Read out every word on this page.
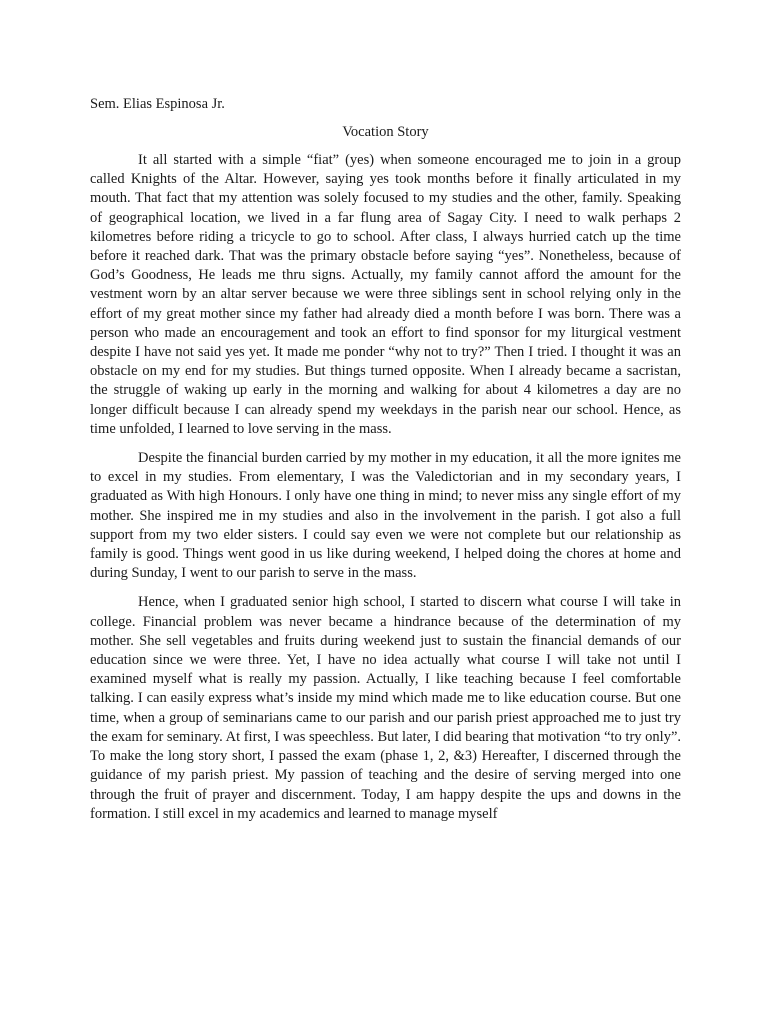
Sem. Elias Espinosa Jr.
Vocation Story

It all started with a simple “fiat” (yes) when someone encouraged me to join in a group called Knights of the Altar. However, saying yes took months before it finally articulated in my mouth. That fact that my attention was solely focused to my studies and the other, family. Speaking of geographical location, we lived in a far flung area of Sagay City. I need to walk perhaps 2 kilometres before riding a tricycle to go to school. After class, I always hurried catch up the time before it reached dark. That was the primary obstacle before saying “yes”. Nonetheless, because of God’s Goodness, He leads me thru signs. Actually, my family cannot afford the amount for the vestment worn by an altar server because we were three siblings sent in school relying only in the effort of my great mother since my father had already died a month before I was born. There was a person who made an encouragement and took an effort to find sponsor for my liturgical vestment despite I have not said yes yet. It made me ponder “why not to try?” Then I tried. I thought it was an obstacle on my end for my studies. But things turned opposite. When I already became a sacristan, the struggle of waking up early in the morning and walking for about 4 kilometres a day are no longer difficult because I can already spend my weekdays in the parish near our school. Hence, as time unfolded, I learned to love serving in the mass.

Despite the financial burden carried by my mother in my education, it all the more ignites me to excel in my studies. From elementary, I was the Valedictorian and in my secondary years, I graduated as With high Honours. I only have one thing in mind; to never miss any single effort of my mother. She inspired me in my studies and also in the involvement in the parish. I got also a full support from my two elder sisters. I could say even we were not complete but our relationship as family is good. Things went good in us like during weekend, I helped doing the chores at home and during Sunday, I went to our parish to serve in the mass.

Hence, when I graduated senior high school, I started to discern what course I will take in college. Financial problem was never became a hindrance because of the determination of my mother. She sell vegetables and fruits during weekend just to sustain the financial demands of our education since we were three. Yet, I have no idea actually what course I will take not until I examined myself what is really my passion. Actually, I like teaching because I feel comfortable talking. I can easily express what’s inside my mind which made me to like education course. But one time, when a group of seminarians came to our parish and our parish priest approached me to just try the exam for seminary. At first, I was speechless. But later, I did bearing that motivation “to try only”. To make the long story short, I passed the exam (phase 1, 2, &3) Hereafter, I discerned through the guidance of my parish priest. My passion of teaching and the desire of serving merged into one through the fruit of prayer and discernment. Today, I am happy despite the ups and downs in the formation. I still excel in my academics and learned to manage myself
